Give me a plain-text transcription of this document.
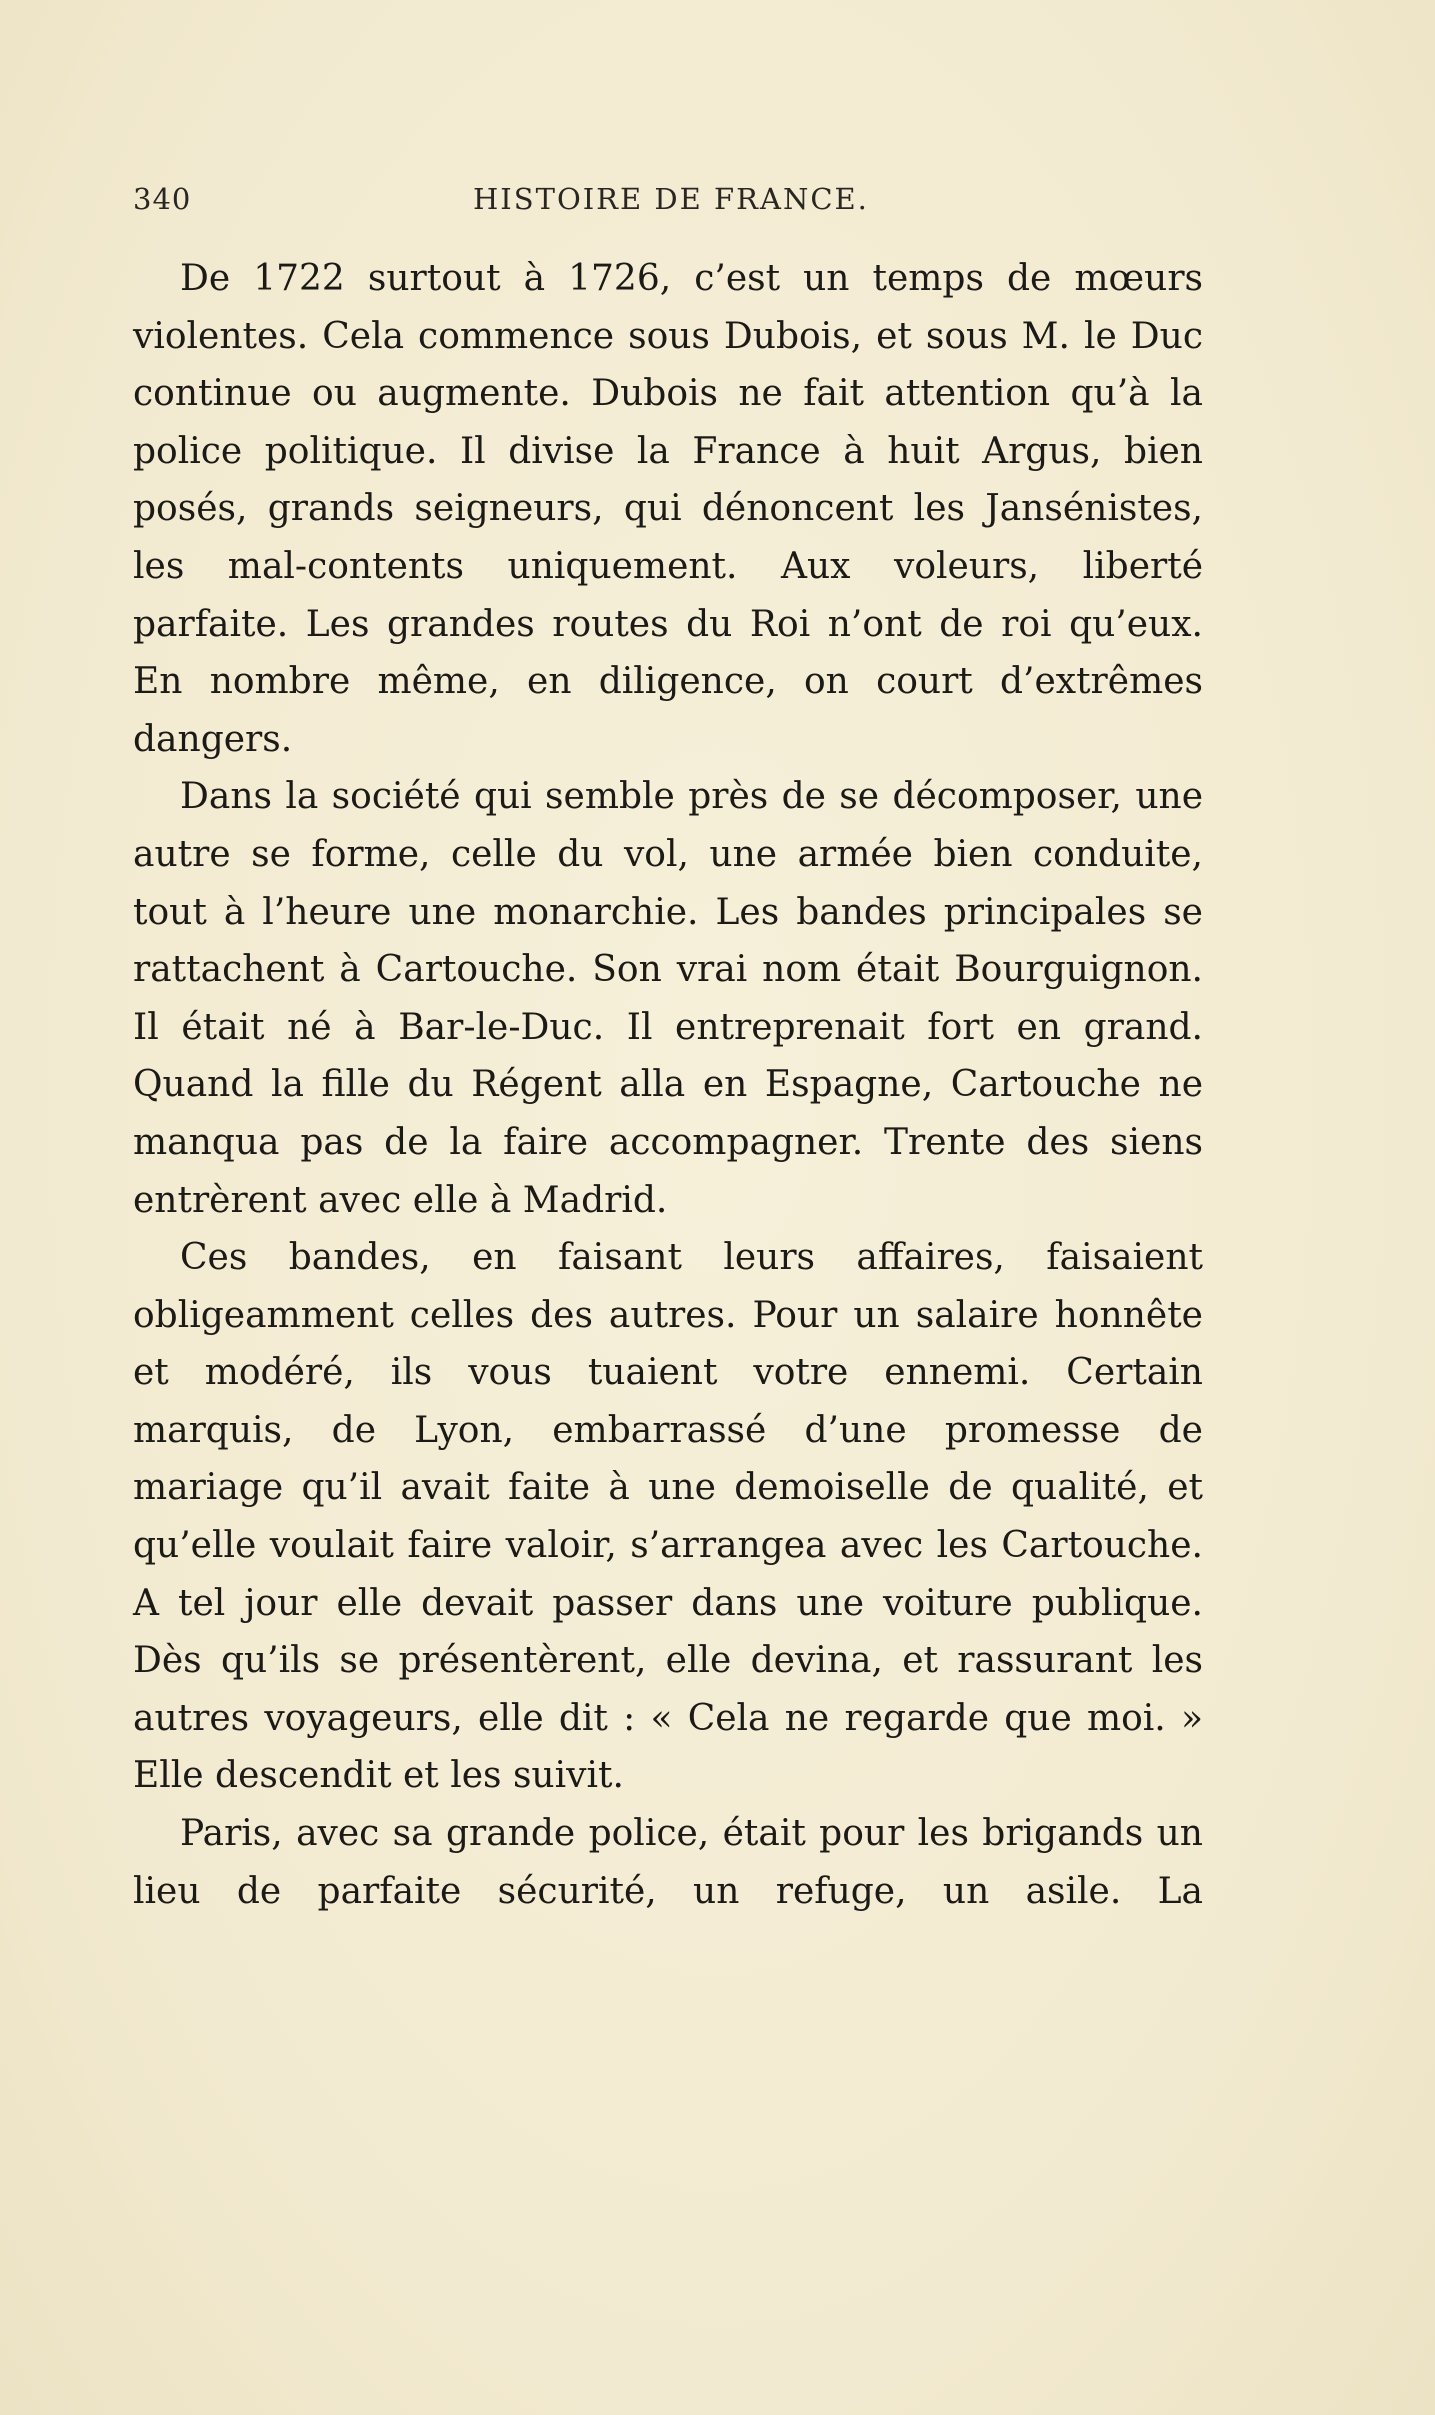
340	HISTOIRE DE FRANCE.

De 1722 surtout à 1726, c’est un temps de mœurs violentes. Cela commence sous Dubois, et sous M. le Duc continue ou augmente. Dubois ne fait attention qu’à la police politique. Il divise la France à huit Argus, bien posés, grands seigneurs, qui dénoncent les Jansénistes, les mal-contents uniquement. Aux voleurs, liberté parfaite. Les grandes routes du Roi n’ont de roi qu’eux. En nombre même, en diligence, on court d’extrêmes dangers.

Dans la société qui semble près de se décomposer, une autre se forme, celle du vol, une armée bien conduite, tout à l’heure une monarchie. Les bandes principales se rattachent à Cartouche. Son vrai nom était Bourguignon. Il était né à Bar-le-Duc. Il entreprenait fort en grand. Quand la fille du Régent alla en Espagne, Cartouche ne manqua pas de la faire accompagner. Trente des siens entrèrent avec elle à Madrid.

Ces bandes, en faisant leurs affaires, faisaient obligeamment celles des autres. Pour un salaire honnête et modéré, ils vous tuaient votre ennemi. Certain marquis, de Lyon, embarrassé d’une promesse de mariage qu’il avait faite à une demoiselle de qualité, et qu’elle voulait faire valoir, s’arrangea avec les Cartouche. A tel jour elle devait passer dans une voiture publique. Dès qu’ils se présentèrent, elle devina, et rassurant les autres voyageurs, elle dit : « Cela ne regarde que moi. » Elle descendit et les suivit.

Paris, avec sa grande police, était pour les brigands un lieu de parfaite sécurité, un refuge, un asile. La
